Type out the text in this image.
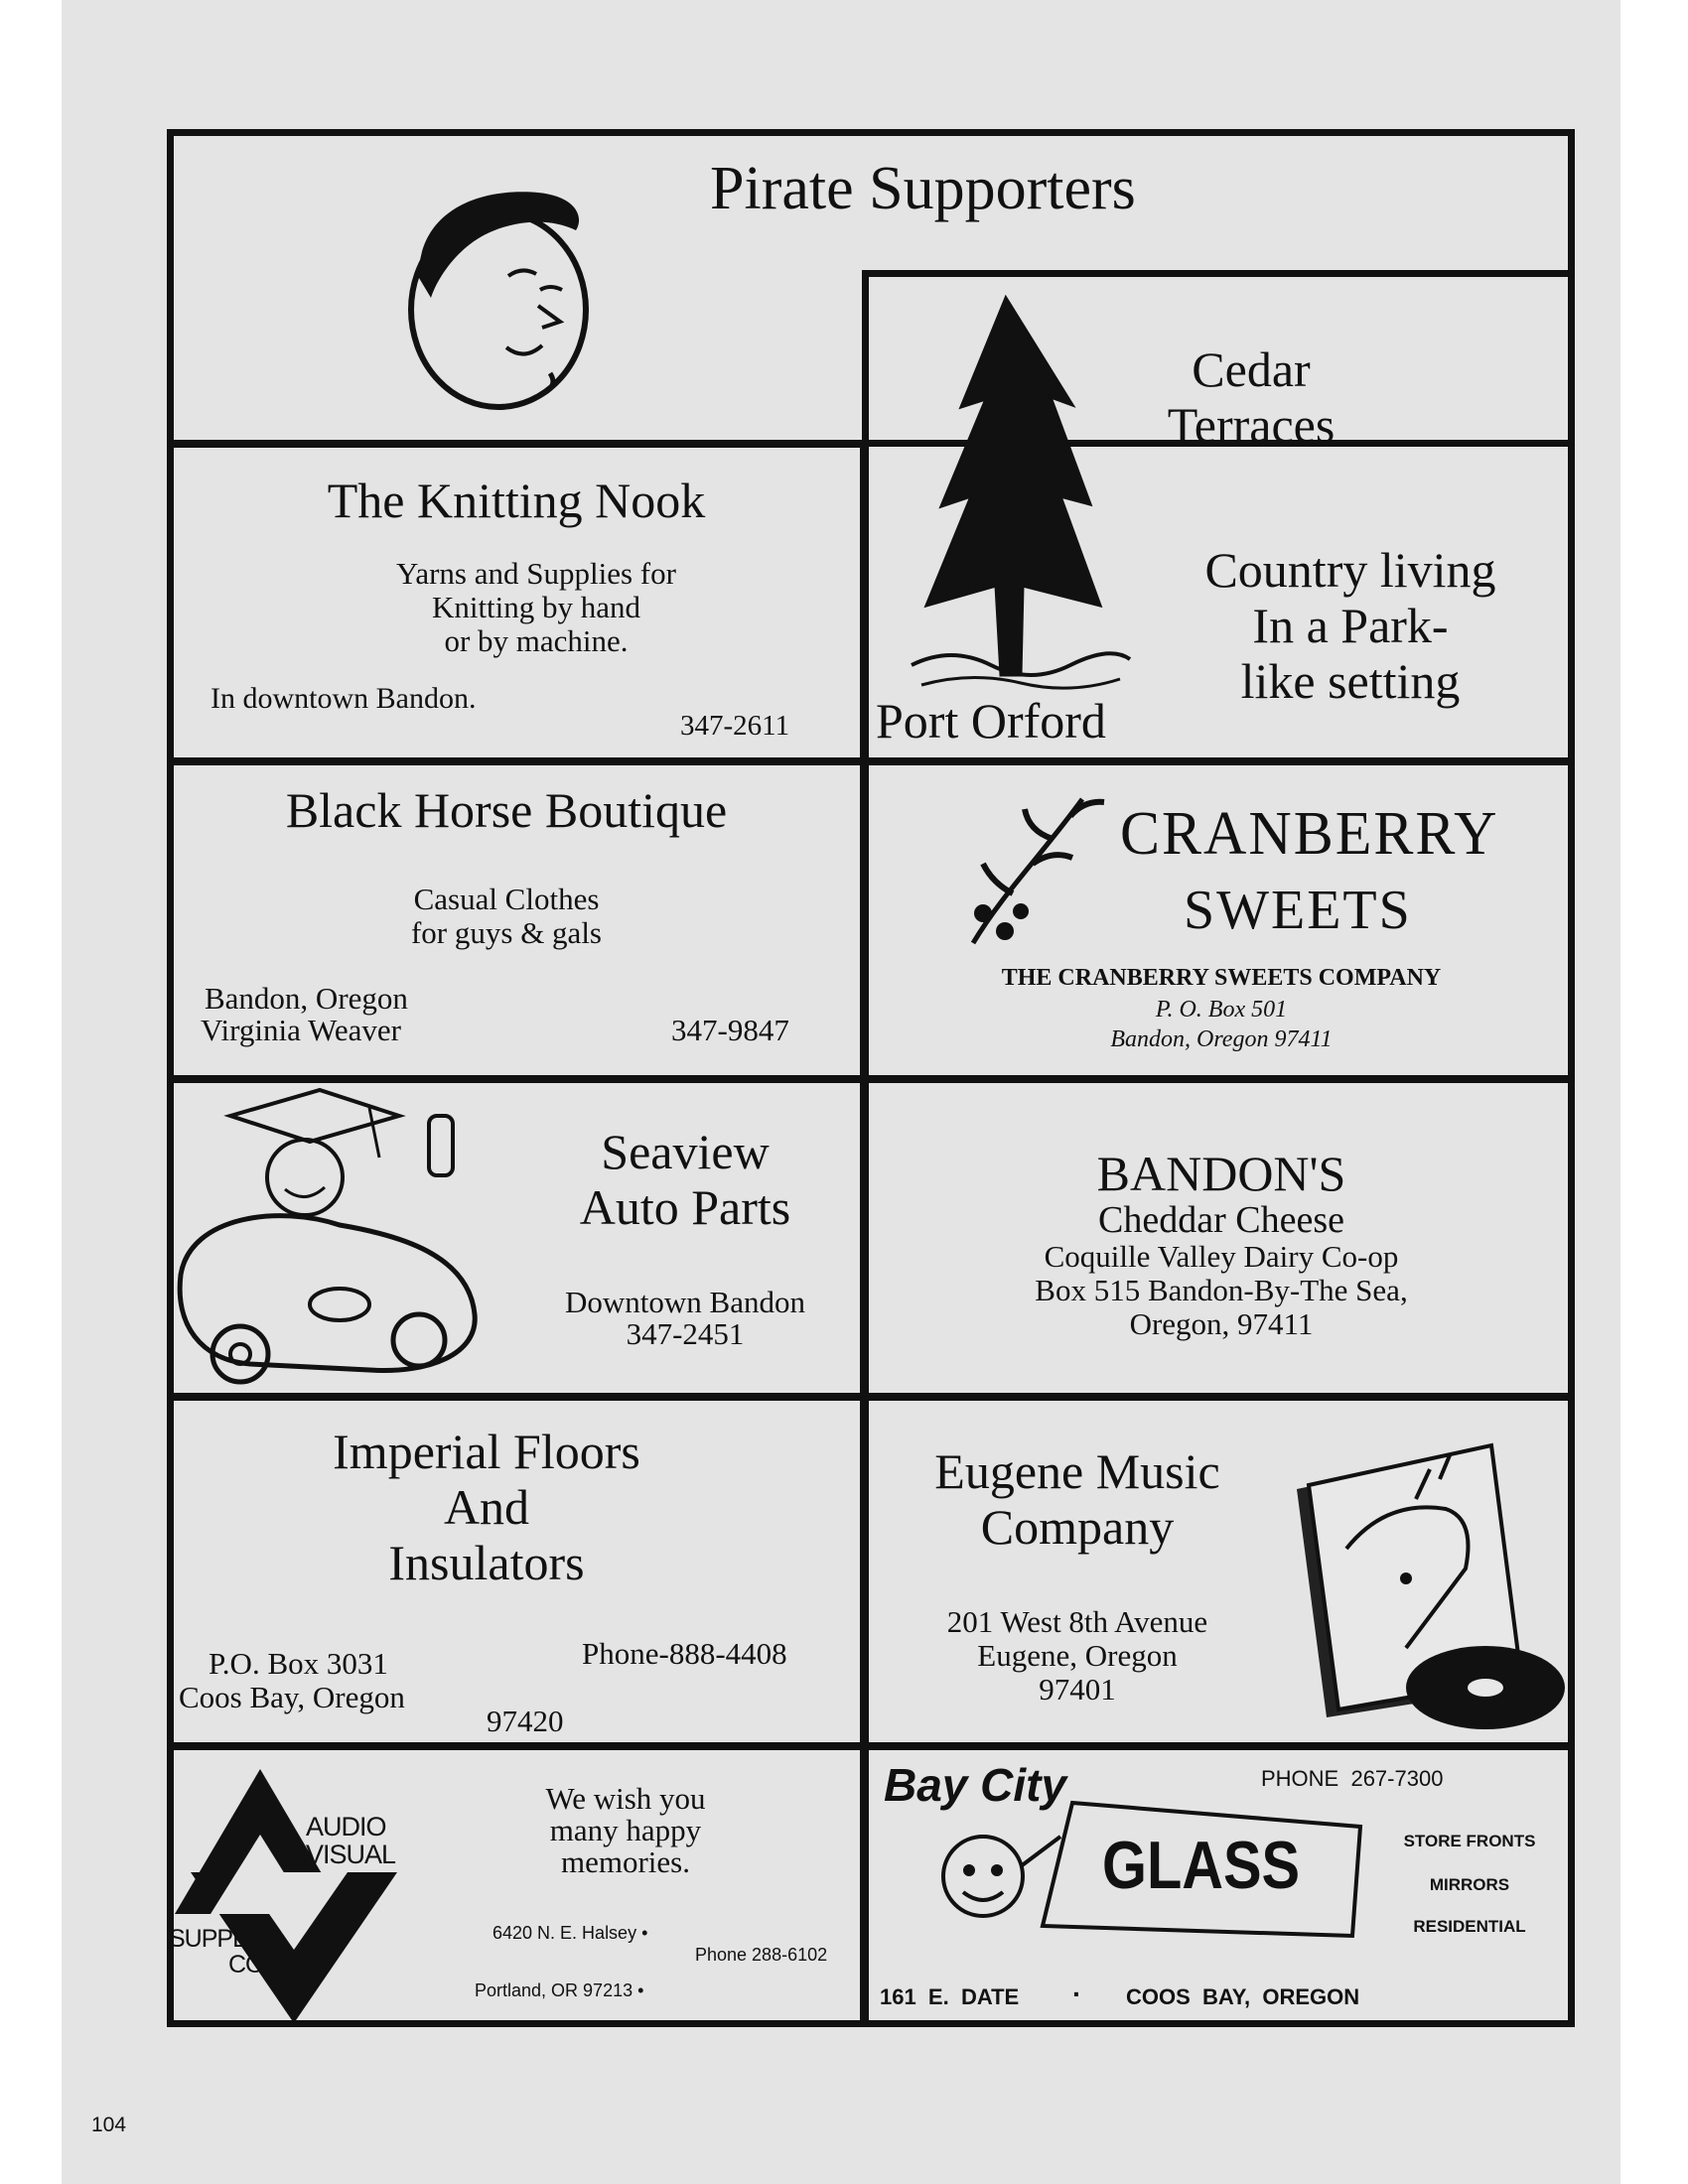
Pirate Supporters
The Knitting Nook
Yarns and Supplies for
Knitting by hand
or by machine.
In downtown Bandon.
347-2611
Cedar
Terraces
Country living
In a Park-
like setting
Port Orford
Black Horse Boutique
Casual Clothes
for guys & gals
Bandon, Oregon
Virginia Weaver	347-9847
CRANBERRY
SWEETS
THE CRANBERRY SWEETS COMPANY
P. O. Box 501
Bandon, Oregon 97411
Seaview
Auto Parts
Downtown Bandon
347-2451
BANDON'S
Cheddar Cheese
Coquille Valley Dairy Co-op
Box 515 Bandon-By-The Sea,
Oregon, 97411
Imperial Floors
And
Insulators
Phone-888-4408
P.O. Box 3031
Coos Bay, Oregon
97420
Eugene Music
Company
201 West 8th Avenue
Eugene, Oregon
97401
AUDIO
VISUAL
SUPPLY
CO.
We wish you
many happy
memories.
6420 N. E. Halsey •
Phone 288-6102
Portland, OR 97213 •
Bay City	PHONE  267-7300
GLASS	STORE FRONTS
MIRRORS
RESIDENTIAL
161  E.  DATE · COOS  BAY,  OREGON
104
